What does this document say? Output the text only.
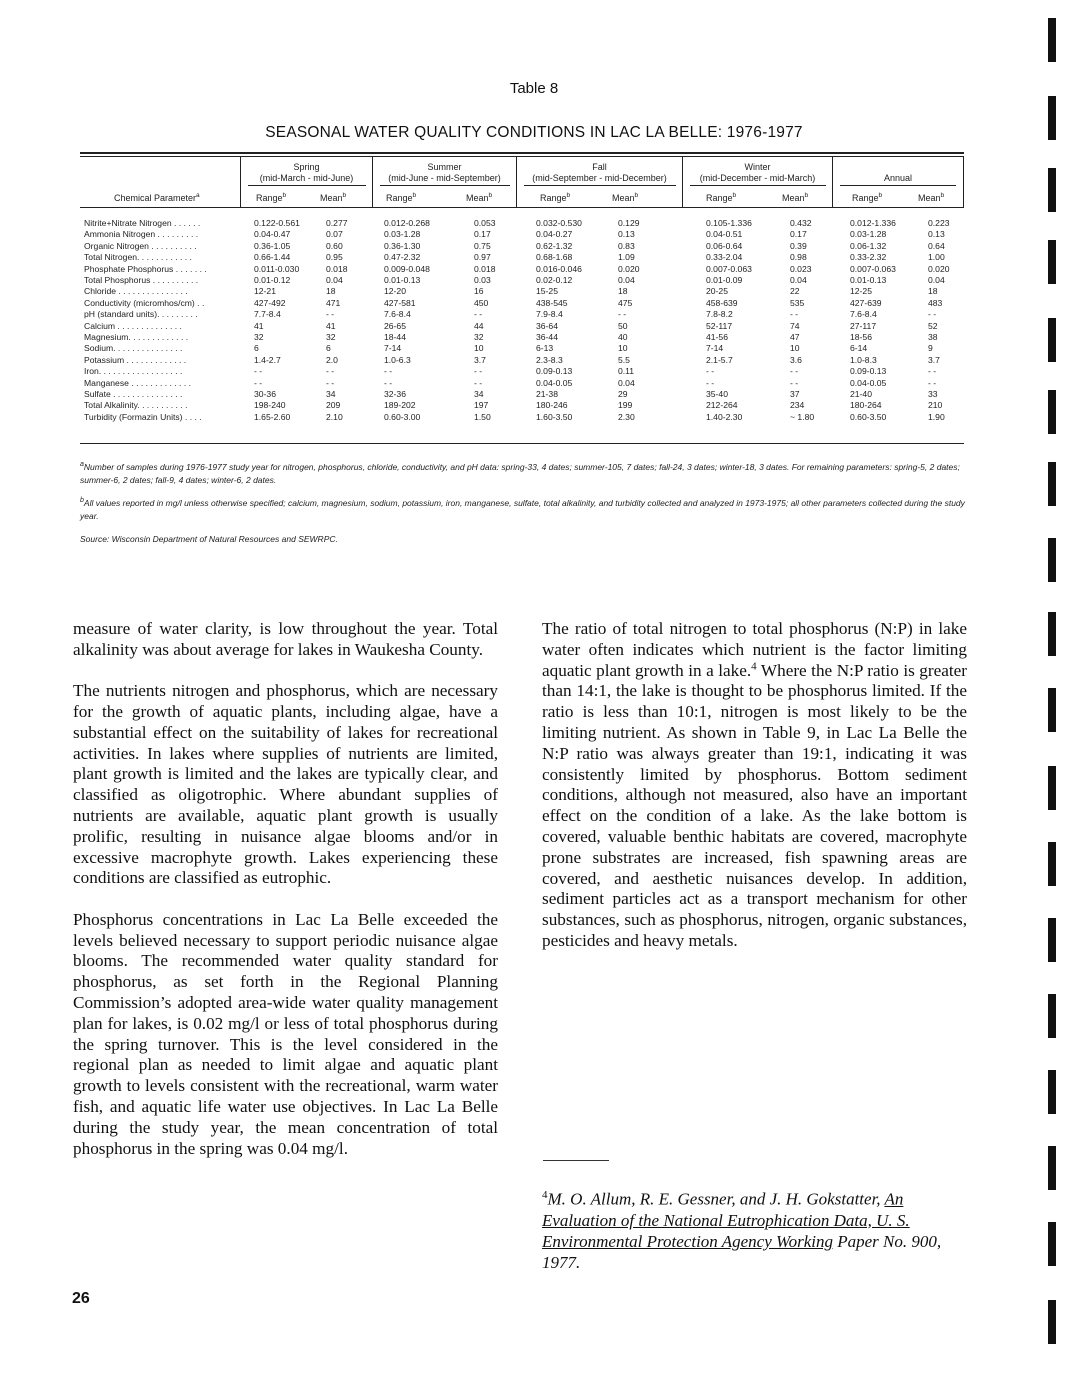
Table 8
SEASONAL WATER QUALITY CONDITIONS IN LAC LA BELLE: 1976-1977
Spring
(mid-March - mid-June)
Summer
(mid-June - mid-September)
Fall
(mid-September - mid-December)
Winter
(mid-December - mid-March)	Annual
Chemical Parameter$^a$	Range$^b$	Mean$^b$	Range$^b$	Mean$^b$	Range$^b$	Mean$^b$	Range$^b$	Mean$^b$	Range$^b$	Mean$^b$
Nitrite+Nitrate Nitrogen . . . . . .	0.122-0.561	0.277	0.012-0.268	0.053	0.032-0.530	0.129	0.105-1.336	0.432	0.012-1.336	0.223
Ammonia Nitrogen . . . . . . . . .	0.04-0.47	0.07	0.03-1.28	0.17	0.04-0.27	0.13	0.04-0.51	0.17	0.03-1.28	0.13
Organic Nitrogen . . . . . . . . . .	0.36-1.05	0.60	0.36-1.30	0.75	0.62-1.32	0.83	0.06-0.64	0.39	0.06-1.32	0.64
Total Nitrogen. . . . . . . . . . . .	0.66-1.44	0.95	0.47-2.32	0.97	0.68-1.68	1.09	0.33-2.04	0.98	0.33-2.32	1.00
Phosphate Phosphorus . . . . . . .	0.011-0.030	0.018	0.009-0.048	0.018	0.016-0.046	0.020	0.007-0.063	0.023	0.007-0.063	0.020
Total Phosphorus . . . . . . . . . .	0.01-0.12	0.04	0.01-0.13	0.03	0.02-0.12	0.04	0.01-0.09	0.04	0.01-0.13	0.04
Chloride . . . . . . . . . . . . . . .	12-21	18	12-20	16	15-25	18	20-25	22	12-25	18
Conductivity (micromhos/cm) . .	427-492	471	427-581	450	438-545	475	458-639	535	427-639	483
pH (standard units). . . . . . . . .	7.7-8.4	- -	7.6-8.4	- -	7.9-8.4	- -	7.8-8.2	- -	7.6-8.4	- -
Calcium . . . . . . . . . . . . . .	41	41	26-65	44	36-64	50	52-117	74	27-117	52
Magnesium. . . . . . . . . . . . .	32	32	18-44	32	36-44	40	41-56	47	18-56	38
Sodium. . . . . . . . . . . . . . .	6	6	7-14	10	6-13	10	7-14	10	6-14	9
Potassium . . . . . . . . . . . . .	1.4-2.7	2.0	1.0-6.3	3.7	2.3-8.3	5.5	2.1-5.7	3.6	1.0-8.3	3.7
Iron. . . . . . . . . . . . . . . . . .	- -	- -	- -	- -	0.09-0.13	0.11	- -	- -	0.09-0.13	- -
Manganese . . . . . . . . . . . . .	- -	- -	- -	- -	0.04-0.05	0.04	- -	- -	0.04-0.05	- -
Sulfate . . . . . . . . . . . . . . .	30-36	34	32-36	34	21-38	29	35-40	37	21-40	33
Total Alkalinity. . . . . . . . . . .	198-240	209	189-202	197	180-246	199	212-264	234	180-264	210
Turbidity (Formazin Units) . . . .	1.65-2.60	2.10	0.60-3.00	1.50	1.60-3.50	2.30	1.40-2.30	~ 1.80	0.60-3.50	1.90
$^a$Number of samples during 1976-1977 study year for nitrogen, phosphorus, chloride, conductivity, and pH data: spring-33, 4 dates; summer-105, 7 dates; fall-24, 3 dates; winter-18, 3 dates. For remaining parameters: spring-5, 2 dates; summer-6, 2 dates; fall-9, 4 dates; winter-6, 2 dates.
$^b$All values reported in mg/l unless otherwise specified; calcium, magnesium, sodium, potassium, iron, manganese, sulfate, total alkalinity, and turbidity collected and analyzed in 1973-1975; all other parameters collected during the study year.
Source: Wisconsin Department of Natural Resources and SEWRPC.

measure of water clarity, is low throughout the year. Total alkalinity was about average for lakes in Waukesha County.

The nutrients nitrogen and phosphorus, which are necessary for the growth of aquatic plants, including algae, have a substantial effect on the suitability of lakes for recreational activities. In lakes where supplies of nutrients are limited, plant growth is limited and the lakes are typically clear, and classified as oligotrophic. Where abundant supplies of nutrients are available, aquatic plant growth is usually prolific, resulting in nuisance algae blooms and/or in excessive macrophyte growth. Lakes experiencing these conditions are classified as eutrophic.

Phosphorus concentrations in Lac La Belle exceeded the levels believed necessary to support periodic nuisance algae blooms. The recommended water quality standard for phosphorus, as set forth in the Regional Planning Commission’s adopted area-wide water quality management plan for lakes, is 0.02 mg/l or less of total phosphorus during the spring turnover. This is the level considered in the regional plan as needed to limit algae and aquatic plant growth to levels consistent with the recreational, warm water fish, and aquatic life water use objectives. In Lac La Belle during the study year, the mean concentration of total phosphorus in the spring was 0.04 mg/l.

The ratio of total nitrogen to total phosphorus (N:P) in lake water often indicates which nutrient is the factor limiting aquatic plant growth in a lake.$^4$ Where the N:P ratio is greater than 14:1, the lake is thought to be phosphorus limited. If the ratio is less than 10:1, nitrogen is most likely to be the limiting nutrient. As shown in Table 9, in Lac La Belle the N:P ratio was always greater than 19:1, indicating it was consistently limited by phosphorus. Bottom sediment conditions, although not measured, also have an important effect on the condition of a lake. As the lake bottom is covered, valuable benthic habitats are covered, macrophyte prone substrates are increased, fish spawning areas are covered, and aesthetic nuisances develop. In addition, sediment particles act as a transport mechanism for other substances, such as phosphorus, nitrogen, organic substances, pesticides and heavy metals.

$^4$M. O. Allum, R. E. Gessner, and J. H. Gokstatter, An Evaluation of the National Eutrophication Data, U. S. Environmental Protection Agency Working Paper No. 900, 1977.
26
